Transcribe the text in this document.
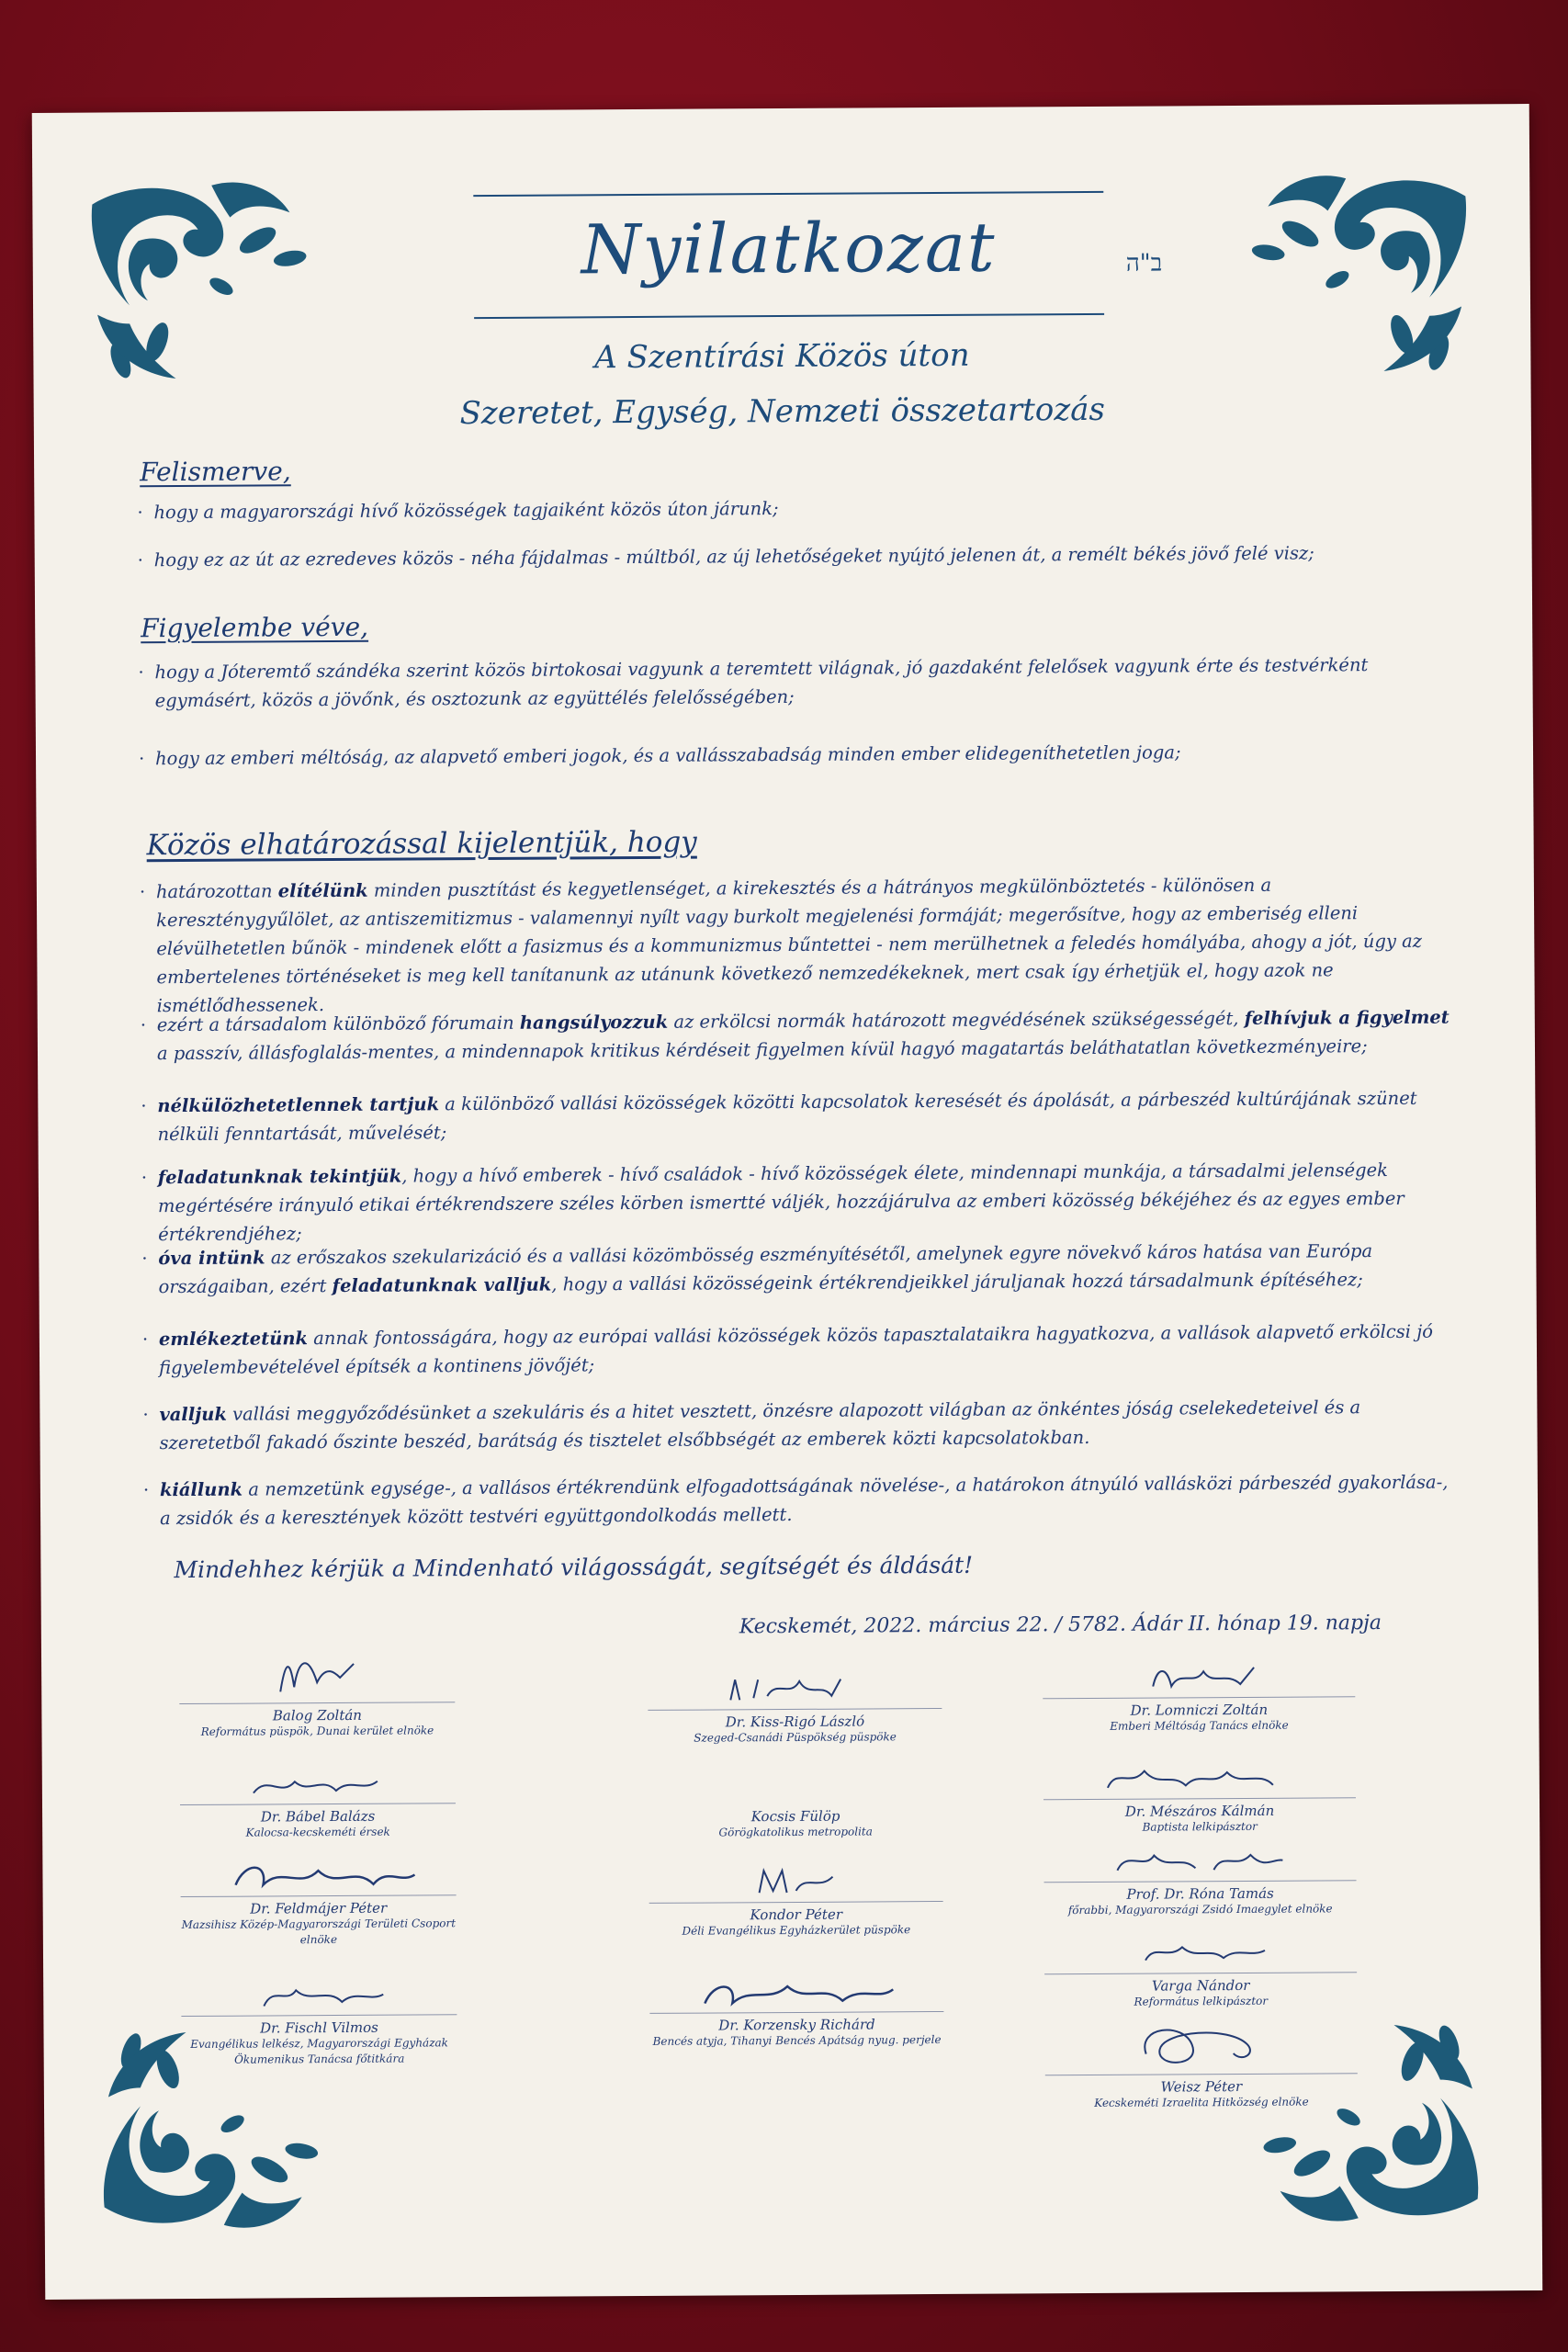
Nyilatkozat	ב"ה
A Szentírási Közös úton
Szeretet, Egység, Nemzeti összetartozás
Felismerve,
· hogy a magyarországi hívő közösségek tagjaiként közös úton járunk;
· hogy ez az út az ezredeves közös - néha fájdalmas - múltból, az új lehetőségeket nyújtó jelenen át, a remélt békés jövő felé visz;
Figyelembe véve,
· hogy a Jóteremtő szándéka szerint közös birtokosai vagyunk a teremtett világnak, jó gazdaként felelősek vagyunk érte és testvérként egymásért, közös a jövőnk, és osztozunk az együttélés felelősségében;
· hogy az emberi méltóság, az alapvető emberi jogok, és a vallásszabadság minden ember elidegeníthetetlen joga;
Közös elhatározással kijelentjük, hogy
· határozottan elítélünk minden pusztítást és kegyetlenséget, a kirekesztés és a hátrányos megkülönböztetés - különösen a kereszténygyűlölet, az antiszemitizmus - valamennyi nyílt vagy burkolt megjelenési formáját; megerősítve, hogy az emberiség elleni elévülhetetlen bűnök - mindenek előtt a fasizmus és a kommunizmus bűntettei - nem merülhetnek a feledés homályába, ahogy a jót, úgy az embertelenes történéseket is meg kell tanítanunk az utánunk következő nemzedékeknek, mert csak így érhetjük el, hogy azok ne ismétlődhessenek.
· ezért a társadalom különböző fórumain hangsúlyozzuk az erkölcsi normák határozott megvédésének szükségességét, felhívjuk a figyelmet a passzív, állásfoglalás-mentes, a mindennapok kritikus kérdéseit figyelmen kívül hagyó magatartás beláthatatlan következményeire;
· nélkülözhetetlennek tartjuk a különböző vallási közösségek közötti kapcsolatok keresését és ápolását, a párbeszéd kultúrájának szünet nélküli fenntartását, művelését;
· feladatunknak tekintjük, hogy a hívő emberek - hívő családok - hívő közösségek élete, mindennapi munkája, a társadalmi jelenségek megértésére irányuló etikai értékrendszere széles körben ismertté váljék, hozzájárulva az emberi közösség békéjéhez és az egyes ember értékrendjéhez;
· óva intünk az erőszakos szekularizáció és a vallási közömbösség eszményítésétől, amelynek egyre növekvő káros hatása van Európa országaiban, ezért feladatunknak valljuk, hogy a vallási közösségeink értékrendjeikkel járuljanak hozzá társadalmunk építéséhez;
· emlékeztetünk annak fontosságára, hogy az európai vallási közösségek közös tapasztalataikra hagyatkozva, a vallások alapvető erkölcsi jó figyelembevételével építsék a kontinens jövőjét;
· valljuk vallási meggyőződésünket a szekuláris és a hitet vesztett, önzésre alapozott világban az önkéntes jóság cselekedeteivel és a szeretetből fakadó őszinte beszéd, barátság és tisztelet elsőbbségét az emberek közti kapcsolatokban.
· kiállunk a nemzetünk egysége-, a vallásos értékrendünk elfogadottságának növelése-, a határokon átnyúló vallásközi párbeszéd gyakorlása-, a zsidók és a keresztények között testvéri együttgondolkodás mellett.
Mindehhez kérjük a Mindenható világosságát, segítségét és áldását!
Kecskemét, 2022. március 22. / 5782. Ádár II. hónap 19. napja
Balog Zoltán
Református püspök, Dunai kerület elnöke
Dr. Bábel Balázs
Kalocsa-kecskeméti érsek
Dr. Feldmájer Péter
Mazsihisz Közép-Magyarországi Területi Csoport elnöke
Dr. Fischl Vilmos
Evangélikus lelkész, Magyarországi Egyházak Ökumenikus Tanácsa főtitkára
Dr. Kiss-Rigó László
Szeged-Csanádi Püspökség püspöke
Kocsis Fülöp
Görögkatolikus metropolita
Kondor Péter
Déli Evangélikus Egyházkerület püspöke
Dr. Korzensky Richárd
Bencés atyja, Tihanyi Bencés Apátság nyug. perjele
Dr. Lomniczi Zoltán
Emberi Méltóság Tanács elnöke
Dr. Mészáros Kálmán
Baptista lelkipásztor
Prof. Dr. Róna Tamás
főrabbi, Magyarországi Zsidó Imaegylet elnöke
Varga Nándor
Református lelkipásztor
Weisz Péter
Kecskeméti Izraelita Hitközség elnöke
